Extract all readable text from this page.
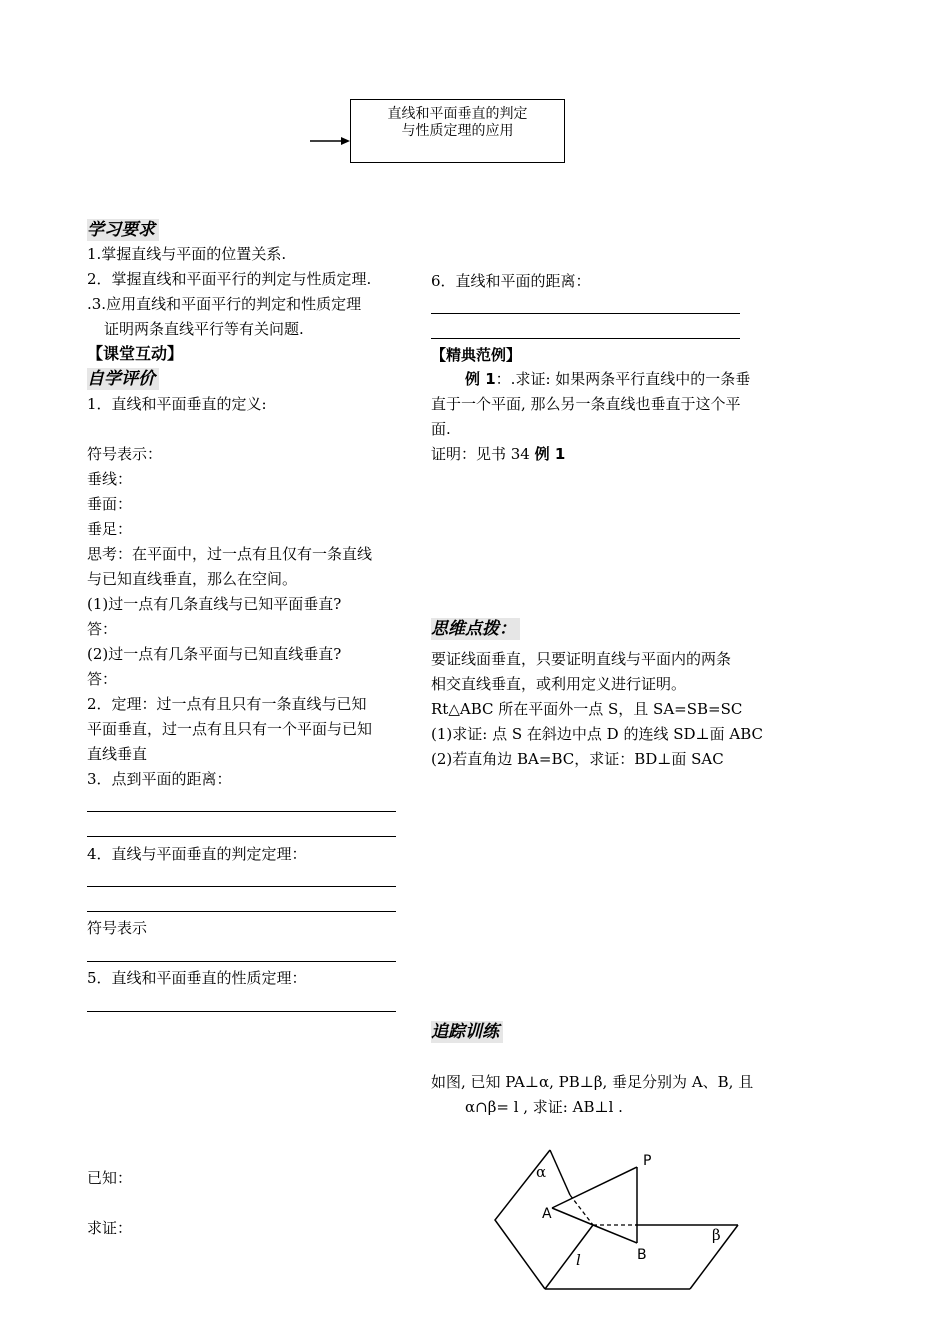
直线和平面垂直的判定
与性质定理的应用
学习要求
1.掌握直线与平面的位置关系.
2．掌握直线和平面平行的判定与性质定理.
.3.应用直线和平面平行的判定和性质定理
证明两条直线平行等有关问题.
【课堂互动】
自学评价
1．直线和平面垂直的定义:
符号表示：
垂线：
垂面：
垂足：
思考：在平面中，过一点有且仅有一条直线
与已知直线垂直，那么在空间。
(1)过一点有几条直线与已知平面垂直?
答：
(2)过一点有几条平面与已知直线垂直?
答：
2．定理：过一点有且只有一条直线与已知
平面垂直，过一点有且只有一个平面与已知
直线垂直
3．点到平面的距离：
4．直线与平面垂直的判定定理：
符号表示
5．直线和平面垂直的性质定理：
已知：
求证：
6．直线和平面的距离：
【精典范例】
例 1：.求证: 如果两条平行直线中的一条垂
直于一个平面, 那么另一条直线也垂直于这个平
面.
证明：见书 34 例 1
思维点拨：
要证线面垂直，只要证明直线与平面内的两条
相交直线垂直，或利用定义进行证明。
Rt△ABC 所在平面外一点 S，且 SA=SB=SC
(1)求证: 点 S 在斜边中点 D 的连线 SD⊥面 ABC
(2)若直角边 BA=BC，求证：BD⊥面 SAC
追踪训练
如图, 已知 PA⊥α, PB⊥β, 垂足分别为 A、B, 且
α∩β= l , 求证: AB⊥l .
α
P
A
B
β
l
